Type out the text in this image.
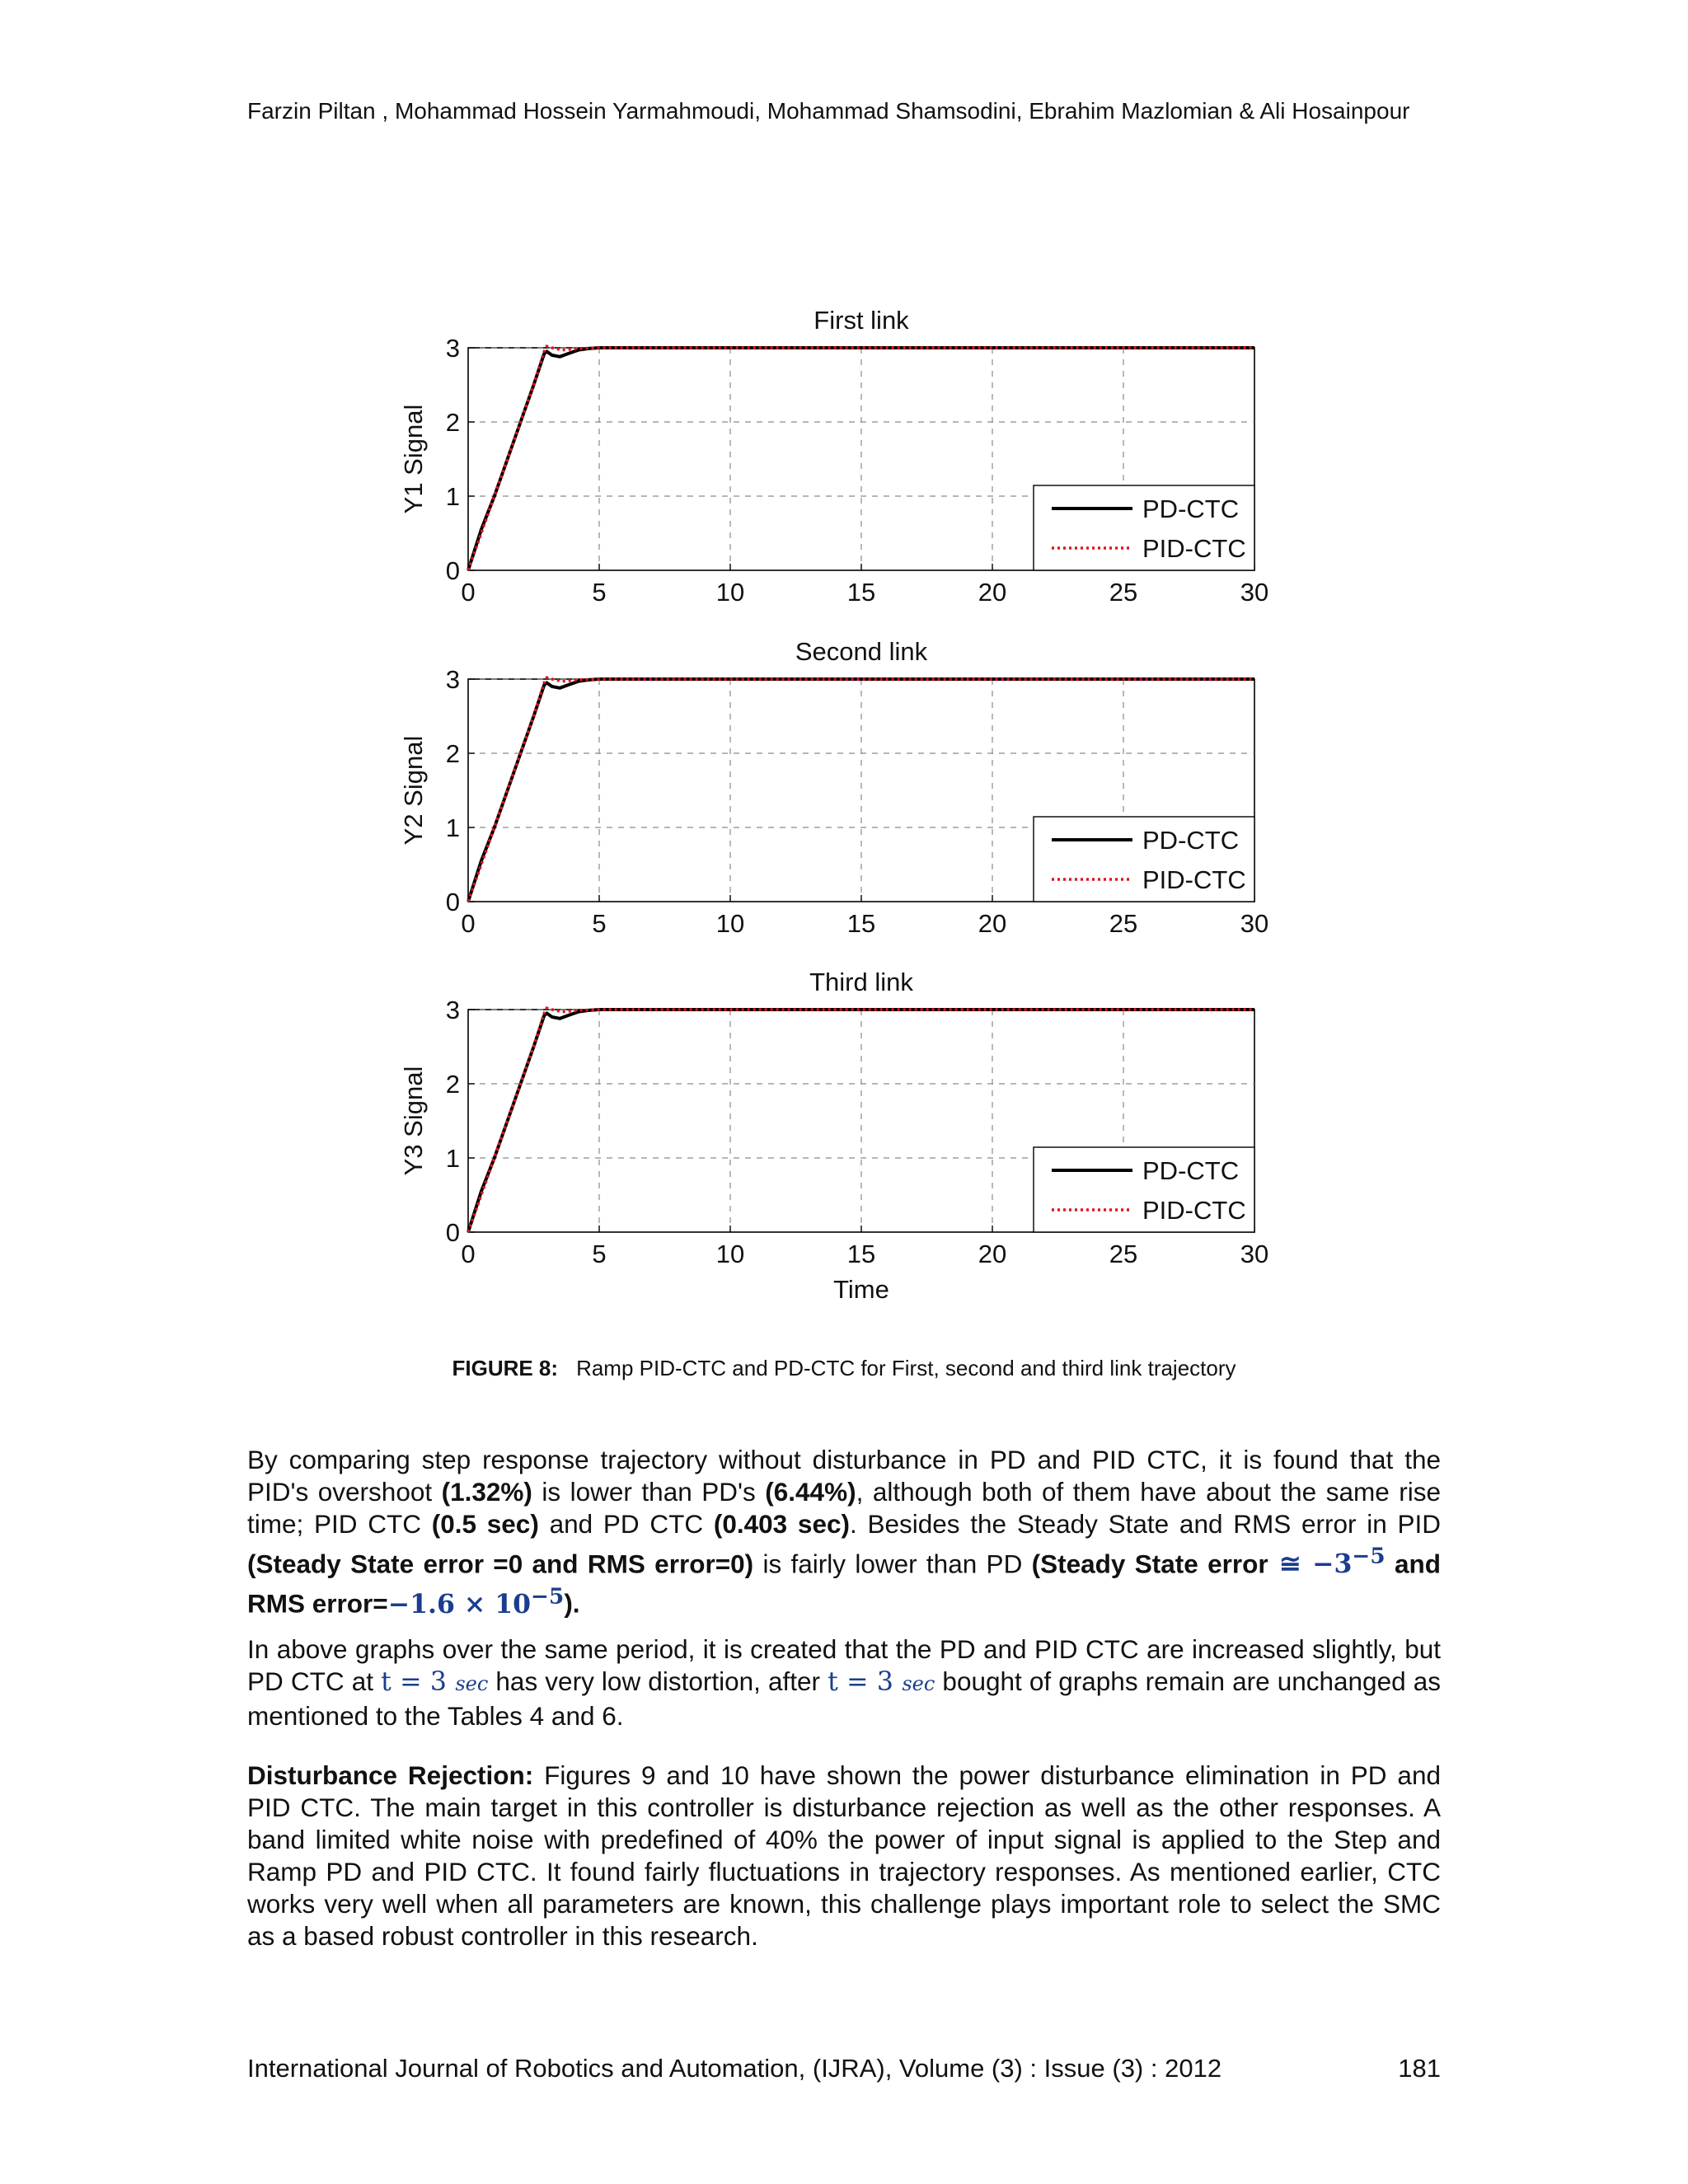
Farzin Piltan , Mohammad Hossein Yarmahmoudi, Mohammad Shamsodini, Ebrahim Mazlomian & Ali Hosainpour
0	5	10	15	20	25	30
0
1
2
3
First link
Y1 Signal	PD-CTC
PID-CTC
0	5	10	15	20	25	30
0
1
2
3
Second link
Y2 Signal	PD-CTC
PID-CTC
0	5	10	15	20	25	30
0
1
2
3
Third link
Y3 Signal
Time
PD-CTC
PID-CTC
FIGURE 8: Ramp PID-CTC and PD-CTC for First, second and third link trajectory

By comparing step response trajectory without disturbance in PD and PID CTC, it is found that the PID's overshoot (1.32%) is lower than PD's (6.44%), although both of them have about the same rise time; PID CTC (0.5 sec) and PD CTC (0.403 sec). Besides the Steady State and RMS error in PID (Steady State error =0 and RMS error=0) is fairly lower than PD (Steady State error ≅ $-3^{-5}$ and RMS error=−1.6 × $10^{-5}$).

In above graphs over the same period, it is created that the PD and PID CTC are increased slightly, but PD CTC at t = 3 sec has very low distortion, after t = 3 sec bought of graphs remain are unchanged as mentioned to the Tables 4 and 6.

Disturbance Rejection: Figures 9 and 10 have shown the power disturbance elimination in PD and PID CTC. The main target in this controller is disturbance rejection as well as the other responses. A band limited white noise with predefined of 40% the power of input signal is applied to the Step and Ramp PD and PID CTC. It found fairly fluctuations in trajectory responses. As mentioned earlier, CTC works very well when all parameters are known, this challenge plays important role to select the SMC as a based robust controller in this research.

International Journal of Robotics and Automation, (IJRA), Volume (3) : Issue (3) : 2012	181
